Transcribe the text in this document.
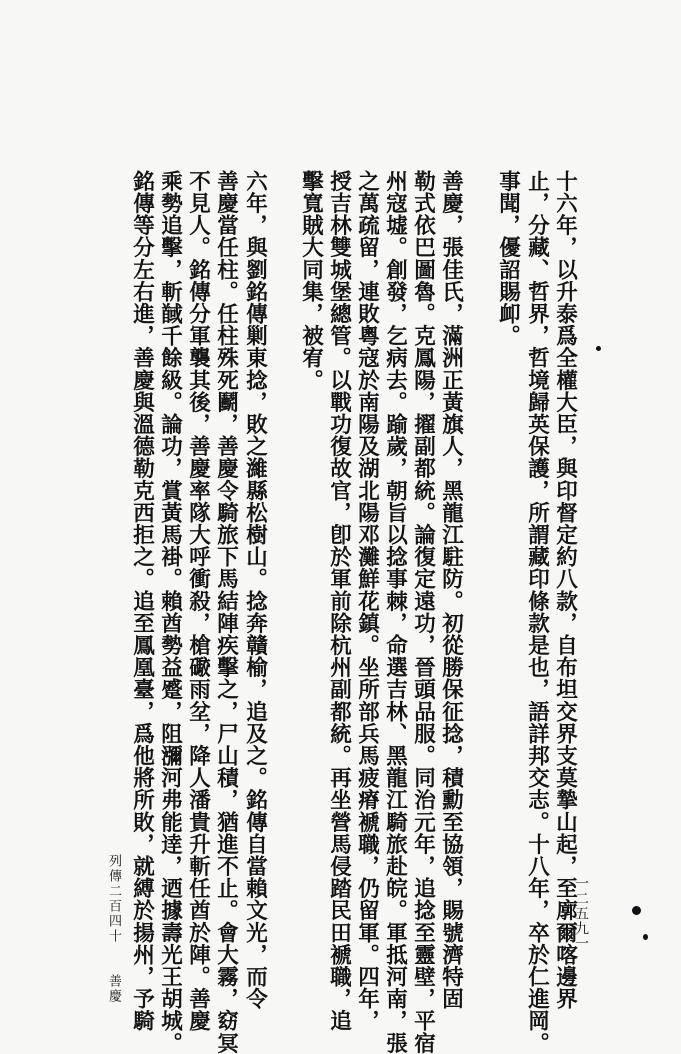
十六年，以升泰爲全權大臣，與印督定約八款，自布坦交界支莫摯山起，至廓爾喀邊界
止，分藏、哲界，哲境歸英保護，所謂藏印條款是也，語詳邦交志。十八年，卒於仁進岡。
事聞，優詔賜卹。
善慶，張佳氏，滿洲正黃旗人，黑龍江駐防。初從勝保征捻，積勳至協領，賜號濟特固
勒式依巴圖魯。克鳳陽，擢副都統。論復定遠功，晉頭品服。同治元年，追捻至靈壁，平宿
州寇墟。創發，乞病去。踰歲，朝旨以捻事棘，命選吉林、黑龍江騎旅赴皖。軍抵河南，張
之萬疏留，連敗粵寇於南陽及湖北陽邓灘鮮花鎮。坐所部兵馬疲瘠褫職，仍留軍。四年，
授吉林雙城堡總管。以戰功復故官，卽於軍前除杭州副都統。再坐營馬侵踏民田褫職，追
擊寬賊大同集，被宥。
六年，與劉銘傳剿東捻，敗之濰縣松樹山。捻奔贛榆，追及之。銘傳自當賴文光，而令
善慶當任柱。任柱殊死鬬，善慶令騎旅下馬結陣疾擊之，尸山積，猶進不止。會大霧，窈冥
不見人。銘傳分軍襲其後，善慶率隊大呼衝殺，槍礮雨坌，降人潘貴升斬任酋於陣。善慶
乘勢追擊，斬馘千餘級。論功，賞黃馬褂。賴酋勢益蹙，阻瀰河弗能逹，迺據壽光王胡城。
銘傳等分左右進，善慶與溫德勒克西拒之。追至鳳凰臺，爲他將所敗，就縛於揚州，予騎
列傳二百四十　　善慶
一二五九一
